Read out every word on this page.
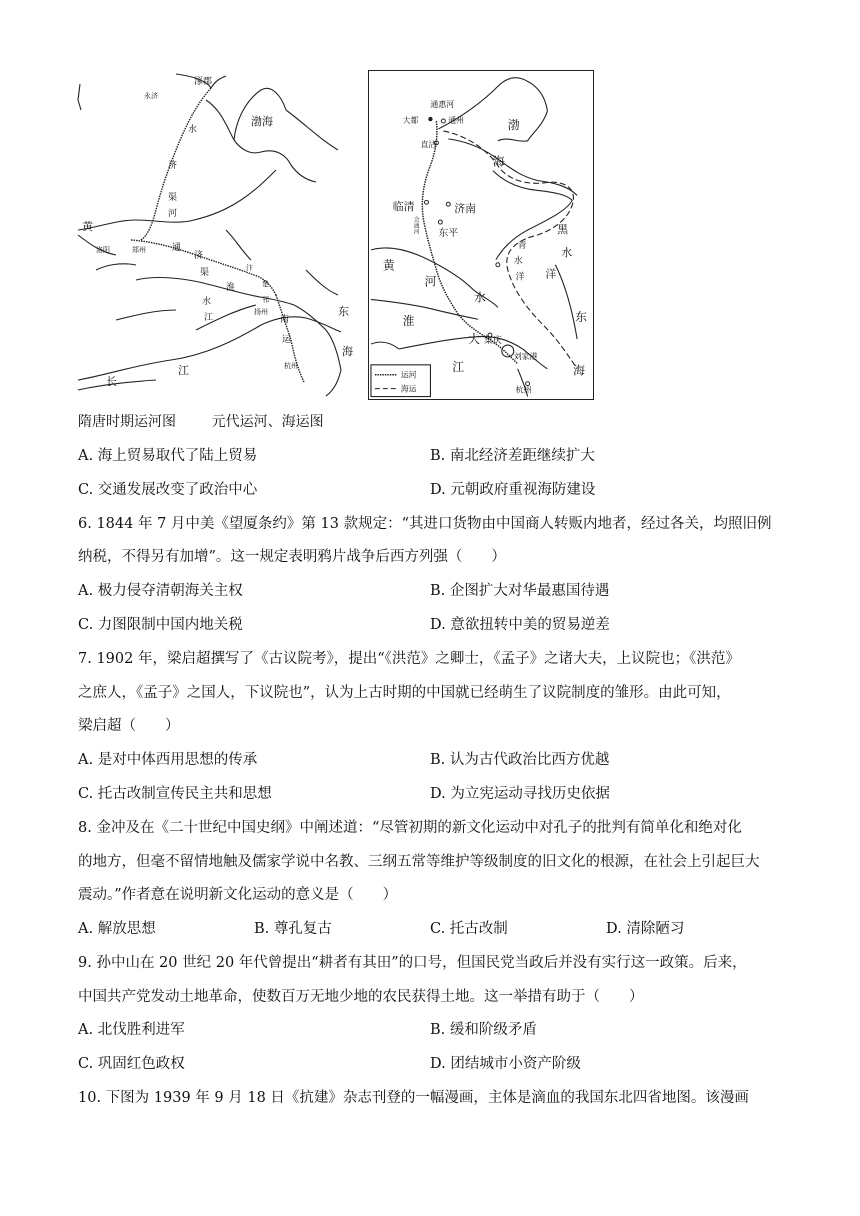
涿郡
永济
渤海
水
济
渠
河
黄
洛阳	郑州	通
济
渠
淮
水
汴
楚
邗
扬州
江	南
运
杭州
长
江
东
海
通惠河
大都	通州
直沽
渤
海
临清	济南
东平
会通河
青
黑
水
水
洋 洋
黄
河
淮
水
东
大 集庆
江
刘家港
海
杭州
运河
海运
隋唐时期运河图        元代运河、海运图
A. 海上贸易取代了陆上贸易	B. 南北经济差距继续扩大
C. 交通发展改变了政治中心	D. 元朝政府重视海防建设
6. 1844 年 7 月中美《望厦条约》第 13 款规定：“其进口货物由中国商人转贩内地者，经过各关，均照旧例
纳税，不得另有加增”。这一规定表明鸦片战争后西方列强（　　）
A. 极力侵夺清朝海关主权	B. 企图扩大对华最惠国待遇
C. 力图限制中国内地关税	D. 意欲扭转中美的贸易逆差
7. 1902 年，梁启超撰写了《古议院考》，提出“《洪范》之卿士，《孟子》之诸大夫，上议院也；《洪范》
之庶人，《孟子》之国人，下议院也”，认为上古时期的中国就已经萌生了议院制度的雏形。由此可知，
梁启超（　　）
A. 是对中体西用思想的传承	B. 认为古代政治比西方优越
C. 托古改制宣传民主共和思想	D. 为立宪运动寻找历史依据
8. 金冲及在《二十世纪中国史纲》中阐述道：“尽管初期的新文化运动中对孔子的批判有简单化和绝对化
的地方，但毫不留情地触及儒家学说中名教、三纲五常等维护等级制度的旧文化的根源，在社会上引起巨大
震动。”作者意在说明新文化运动的意义是（　　）
A. 解放思想	B. 尊孔复古	C. 托古改制	D. 清除陋习
9. 孙中山在 20 世纪 20 年代曾提出“耕者有其田”的口号，但国民党当政后并没有实行这一政策。后来，
中国共产党发动土地革命，使数百万无地少地的农民获得土地。这一举措有助于（　　）
A. 北伐胜利进军	B. 缓和阶级矛盾
C. 巩固红色政权	D. 团结城市小资产阶级
10. 下图为 1939 年 9 月 18 日《抗建》杂志刊登的一幅漫画，主体是滴血的我国东北四省地图。该漫画
